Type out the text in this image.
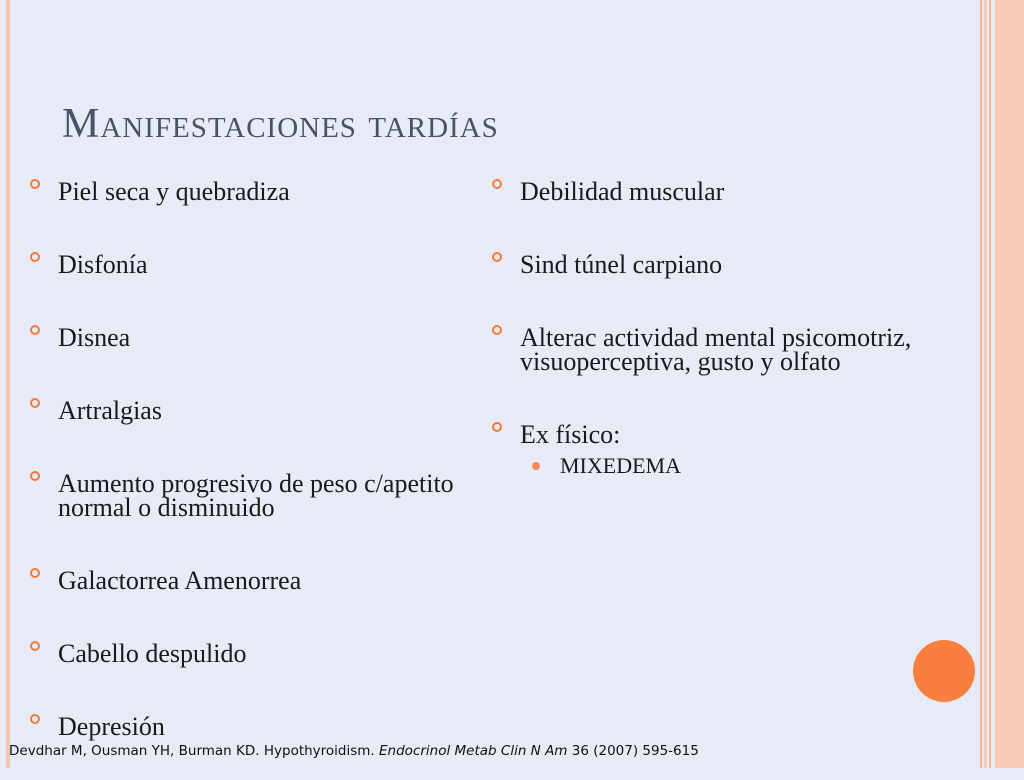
Manifestaciones tardías
Piel seca y quebradiza
Disfonía
Disnea
Artralgias
Aumento progresivo de peso c/apetito normal o disminuido
Galactorrea Amenorrea
Cabello despulido
Depresión
Debilidad muscular
Sind túnel carpiano
Alterac actividad mental psicomotriz, visuoperceptiva, gusto y olfato
Ex físico:
MIXEDEMA
Devdhar M, Ousman YH, Burman KD. Hypothyroidism. Endocrinol Metab Clin N Am 36 (2007) 595-615
